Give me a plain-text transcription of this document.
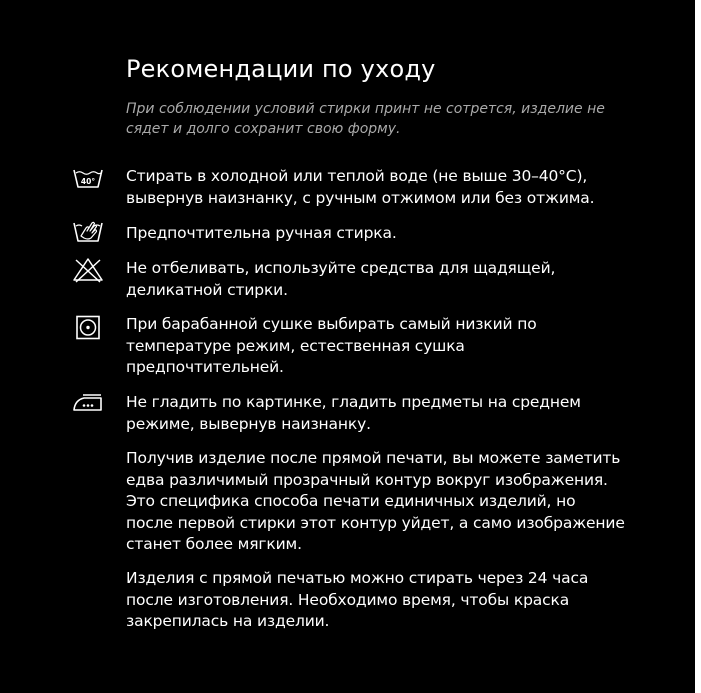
Рекомендации по уходу
При соблюдении условий стирки принт не сотрется, изделие не сядет и долго сохранит свою форму.
40° Стирать в холодной или теплой воде (не выше 30–40°C), вывернув наизнанку, с ручным отжимом или без отжима.
Предпочтительна ручная стирка.
Не отбеливать, используйте средства для щадящей, деликатной стирки.
При барабанной сушке выбирать самый низкий по температуре режим, естественная сушка предпочтительней.
Не гладить по картинке, гладить предметы на среднем режиме, вывернув наизнанку.
Получив изделие после прямой печати, вы можете заметить едва различимый прозрачный контур вокруг изображения. Это специфика способа печати единичных изделий, но после первой стирки этот контур уйдет, а само изображение станет более мягким.
Изделия с прямой печатью можно стирать через 24 часа после изготовления. Необходимо время, чтобы краска закрепилась на изделии.
